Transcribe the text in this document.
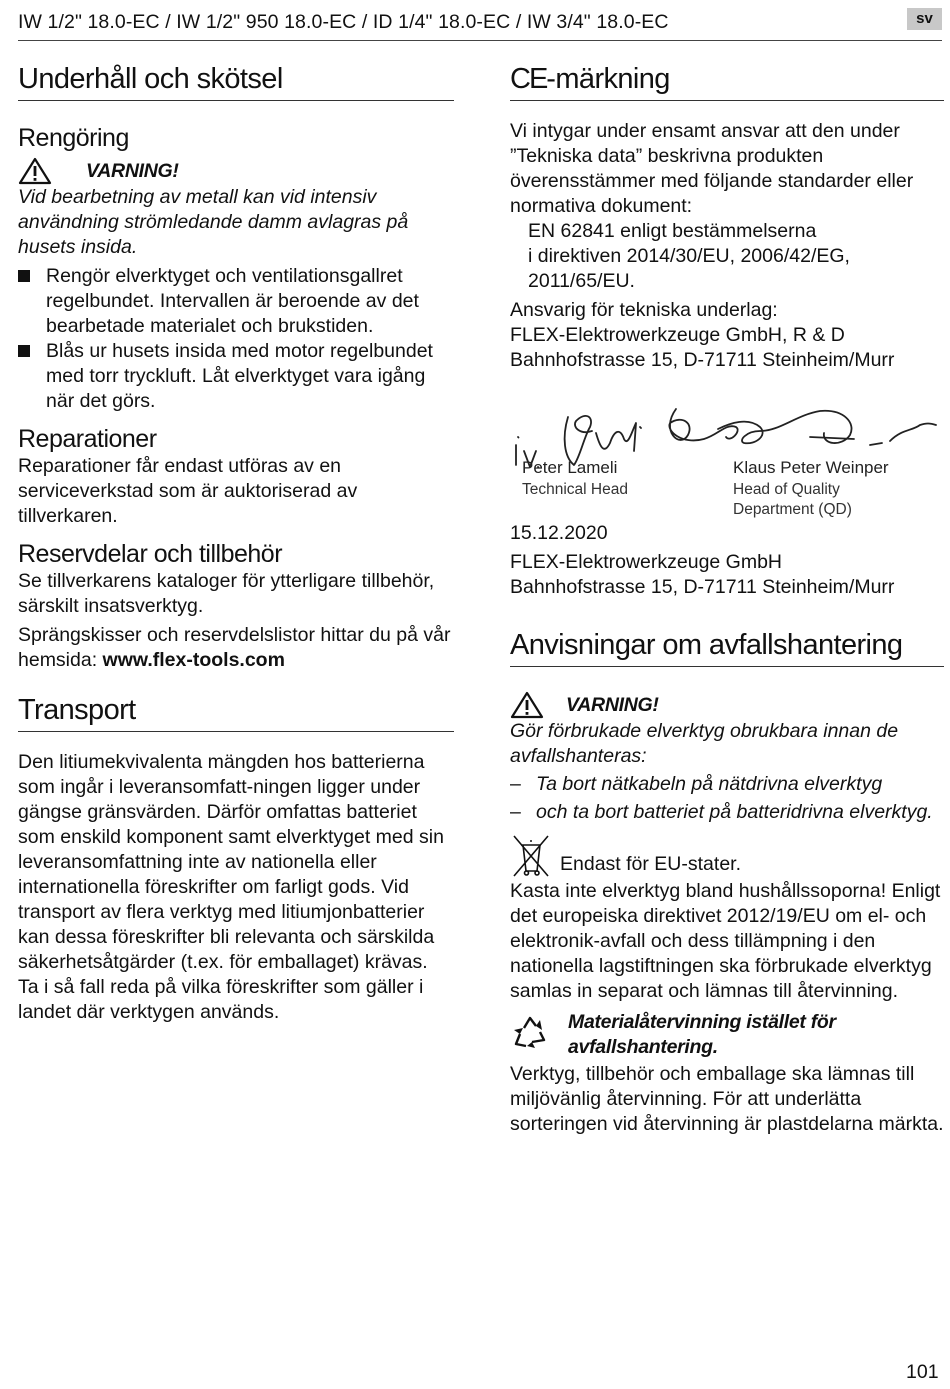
IW 1/2" 18.0-EC / IW 1/2" 950 18.0-EC / ID 1/4" 18.0-EC / IW 3/4" 18.0-EC	sv
Underhåll och skötsel
Rengöring
VARNING!

Vid bearbetning av metall kan vid intensiv användning strömledande damm avlagras på husets insida.

Rengör elverktyget och ventilationsgallret regelbundet. Intervallen är beroende av det bearbetade materialet och brukstiden.

Blås ur husets insida med motor regelbundet med torr tryckluft. Låt elverktyget vara igång när det görs.

Reparationer

Reparationer får endast utföras av en serviceverkstad som är auktoriserad av tillverkaren.

Reservdelar och tillbehör

Se tillverkarens kataloger för ytterligare tillbehör, särskilt insatsverktyg.

Sprängskisser och reservdelslistor hittar du på vår hemsida: www.flex-tools.com

Transport

Den litiumekvivalenta mängden hos batterierna som ingår i leveransomfatt-ningen ligger under gängse gränsvärden. Därför omfattas batteriet som enskild komponent samt elverktyget med sin leveransomfattning inte av nationella eller internationella föreskrifter om farligt gods. Vid transport av flera verktyg med litiumjonbatterier kan dessa föreskrifter bli relevanta och särskilda säkerhetsåtgärder (t.ex. för emballaget) krävas.

Ta i så fall reda på vilka föreskrifter som gäller i landet där verktygen används.

CE-märkning

Vi intygar under ensamt ansvar att den under ”Tekniska data” beskrivna produkten överensstämmer med följande standarder eller normativa dokument:

EN 62841 enligt bestämmelserna

i direktiven 2014/30/EU, 2006/42/EG,

2011/65/EU.

Ansvarig för tekniska underlag:

FLEX-Elektrowerkzeuge GmbH, R & D

Bahnhofstrasse 15, D-71711 Steinheim/Murr

Peter Lameli
Technical Head
Klaus Peter Weinper
Head of Quality
Department (QD)

15.12.2020

FLEX-Elektrowerkzeuge GmbH

Bahnhofstrasse 15, D-71711 Steinheim/Murr

Anvisningar om avfallshantering
VARNING!

Gör förbrukade elverktyg obrukbara innan de avfallshanteras:

– Ta bort nätkabeln på nätdrivna elverktyg

– och ta bort batteriet på batteridrivna elverktyg.

Endast för EU-stater.

Kasta inte elverktyg bland hushållssoporna! Enligt det europeiska direktivet 2012/19/EU om el- och elektronik-avfall och dess tillämpning i den nationella lagstiftningen ska förbrukade elverktyg samlas in separat och lämnas till återvinning.

Materialåtervinning istället för avfallshantering.

Verktyg, tillbehör och emballage ska lämnas till miljövänlig återvinning. För att underlätta sorteringen vid återvinning är plastdelarna märkta.

101
